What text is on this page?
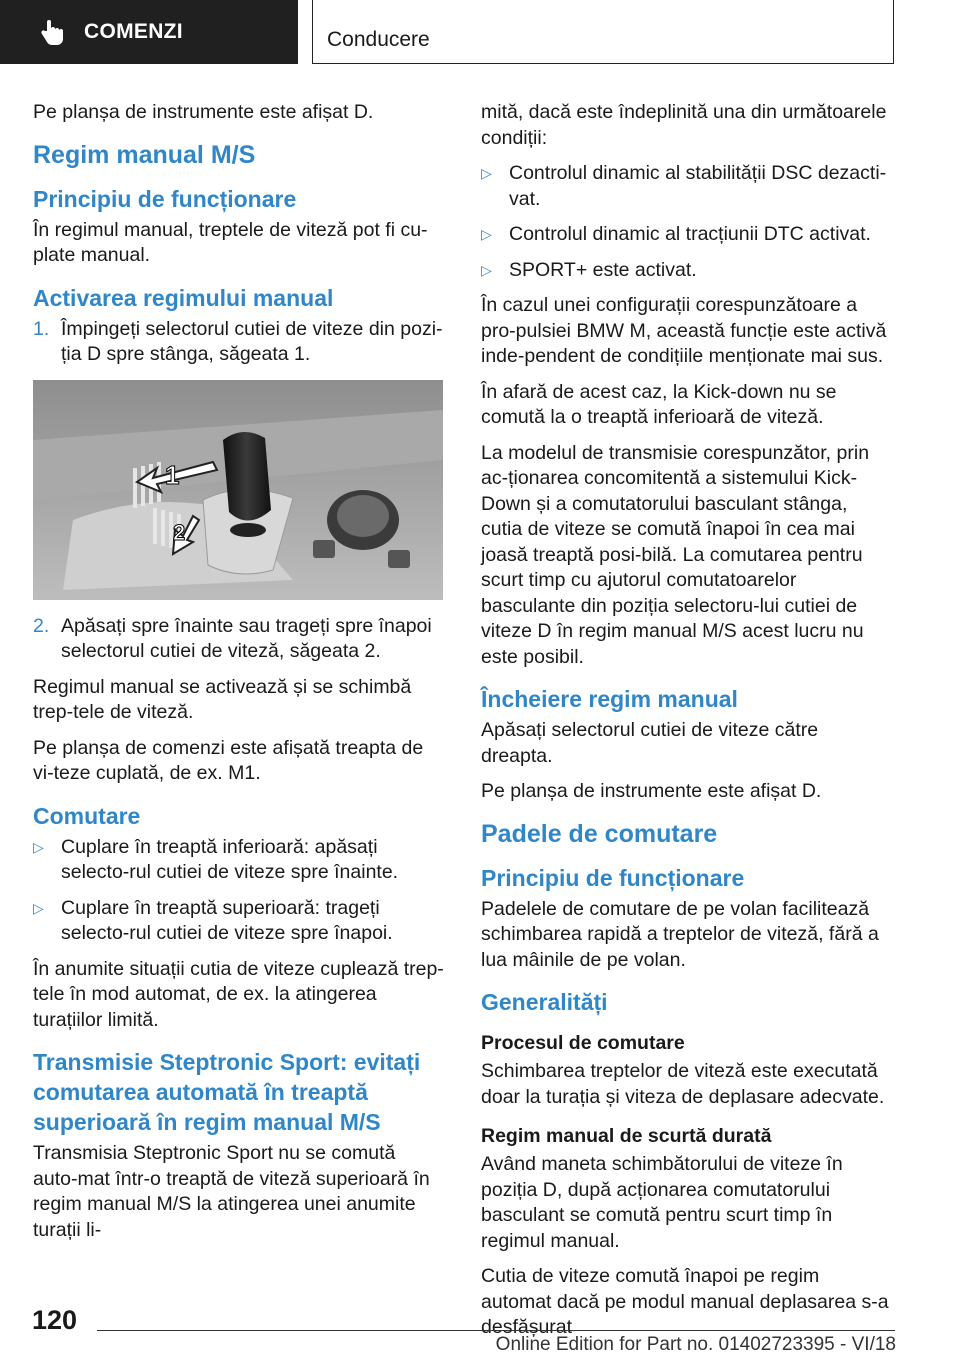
COMENZI	Conducere

Pe planșa de instrumente este afișat D.

Regim manual M/S
Principiu de funcționare

În regimul manual, treptele de viteză pot fi cu-plate manual.

Activarea regimului manual
1. Împingeți selectorul cutiei de viteze din pozi-ția D spre stânga, săgeata 1.
1
2
2. Apăsați spre înainte sau trageți spre înapoi selectorul cutiei de viteză, săgeata 2.

Regimul manual se activează și se schimbă trep-tele de viteză.

Pe planșa de comenzi este afișată treapta de vi-teze cuplată, de ex. M1.

Comutare
▷ Cuplare în treaptă inferioară: apăsați selecto-rul cutiei de viteze spre înainte.
▷ Cuplare în treaptă superioară: trageți selecto-rul cutiei de viteze spre înapoi.

În anumite situații cutia de viteze cuplează trep-tele în mod automat, de ex. la atingerea turațiilor limită.

Transmisie Steptronic Sport: evitați comutarea automată în treaptă superioară în regim manual M/S

Transmisia Steptronic Sport nu se comută auto-mat într-o treaptă de viteză superioară în regim manual M/S la atingerea unei anumite turații li-

mită, dacă este îndeplinită una din următoarele condiții:

▷ Controlul dinamic al stabilității DSC dezacti-vat.
▷ Controlul dinamic al tracțiunii DTC activat.
▷ SPORT+ este activat.

În cazul unei configurații corespunzătoare a pro-pulsiei BMW M, această funcție este activă inde-pendent de condițiile menționate mai sus.

În afară de acest caz, la Kick-down nu se comută la o treaptă inferioară de viteză.

La modelul de transmisie corespunzător, prin ac-ționarea concomitentă a sistemului Kick-Down și a comutatorului basculant stânga, cutia de viteze se comută înapoi în cea mai joasă treaptă posi-bilă. La comutarea pentru scurt timp cu ajutorul comutatoarelor basculante din poziția selectoru-lui cutiei de viteze D în regim manual M/S acest lucru nu este posibil.

Încheiere regim manual

Apăsați selectorul cutiei de viteze către dreapta.

Pe planșa de instrumente este afișat D.

Padele de comutare
Principiu de funcționare

Padelele de comutare de pe volan facilitează schimbarea rapidă a treptelor de viteză, fără a lua mâinile de pe volan.

Generalități
Procesul de comutare

Schimbarea treptelor de viteză este executată doar la turația și viteza de deplasare adecvate.

Regim manual de scurtă durată

Având maneta schimbătorului de viteze în poziția D, după acționarea comutatorului basculant se comută pentru scurt timp în regimul manual.

Cutia de viteze comută înapoi pe regim automat dacă pe modul manual deplasarea s-a desfășurat

120
Online Edition for Part no. 01402723395 - VI/18
